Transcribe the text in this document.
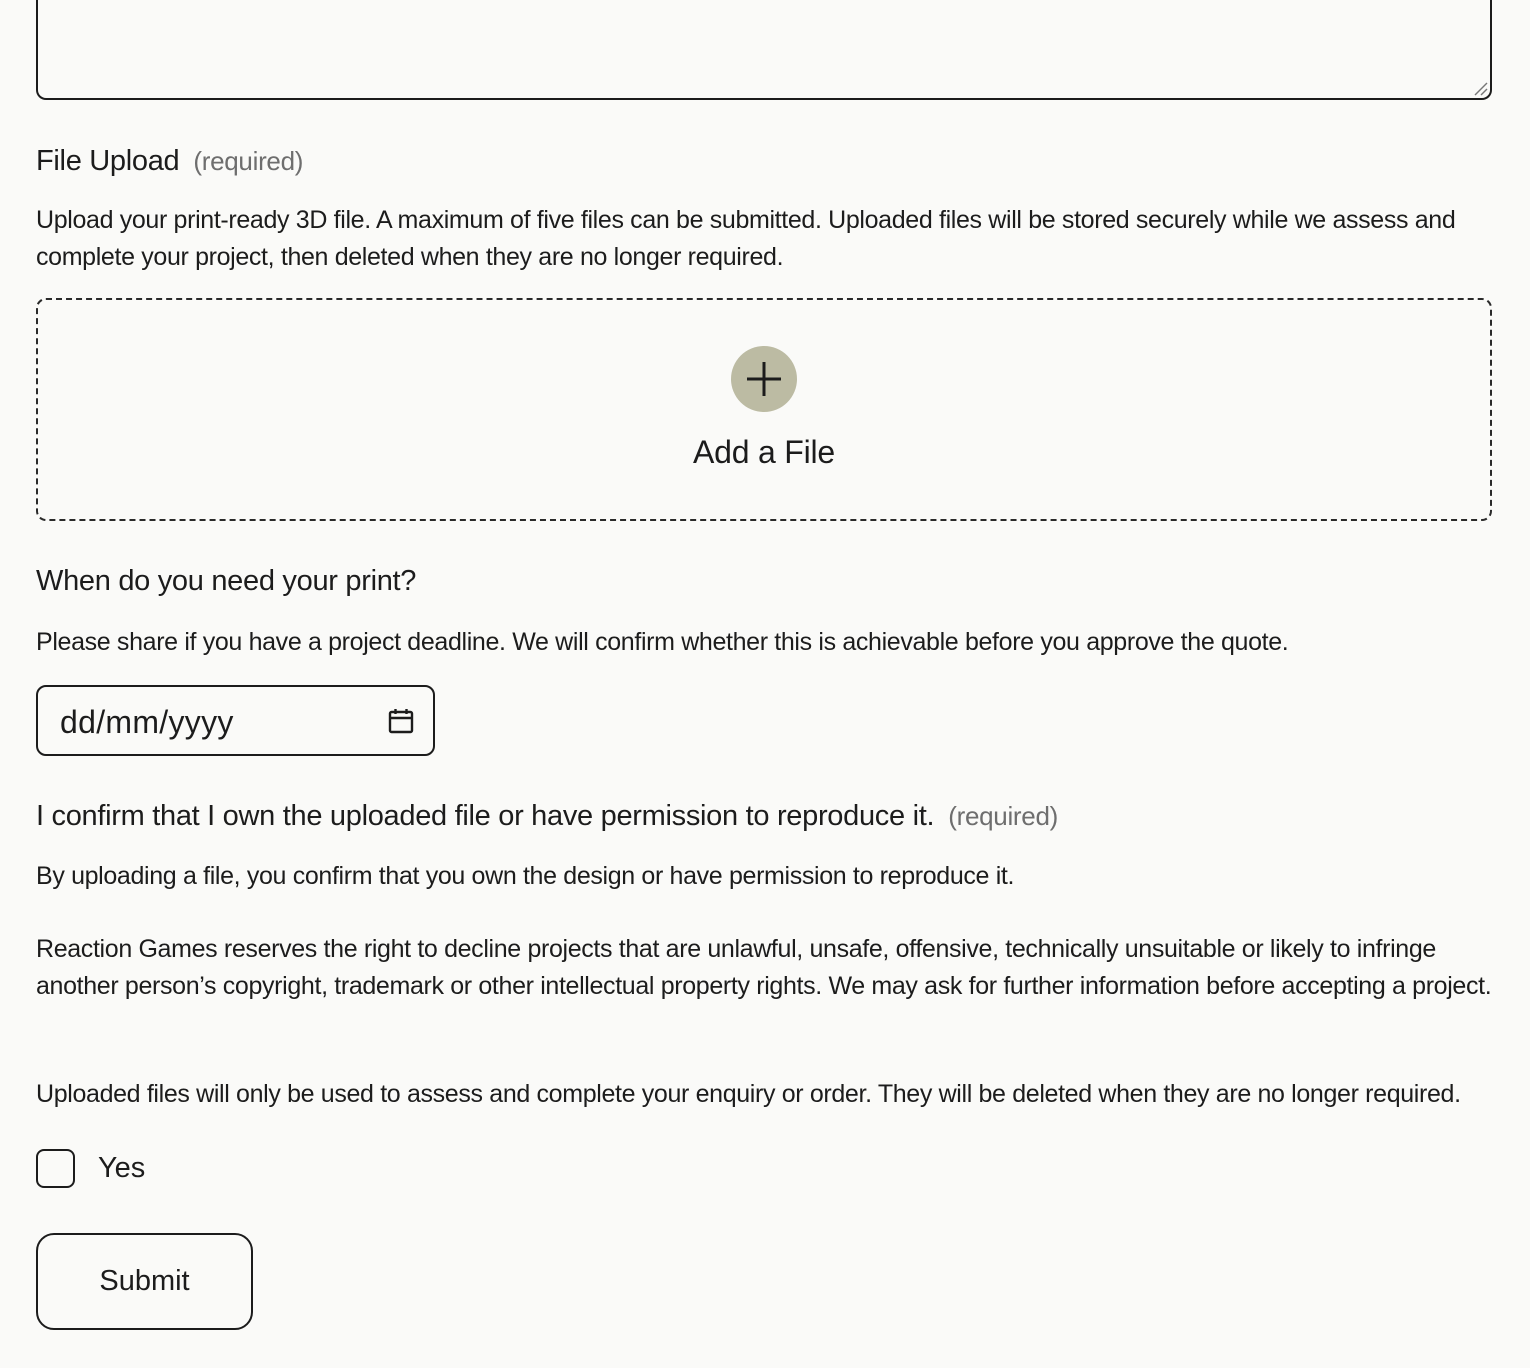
File Upload (required)

Upload your print-ready 3D file. A maximum of five files can be submitted. Uploaded files will be stored securely while we assess and complete your project, then deleted when they are no longer required.

Add a File
When do you need your print?

Please share if you have a project deadline. We will confirm whether this is achievable before you approve the quote.

dd/mm/yyyy
I confirm that I own the uploaded file or have permission to reproduce it. (required)

By uploading a file, you confirm that you own the design or have permission to reproduce it.

Reaction Games reserves the right to decline projects that are unlawful, unsafe, offensive, technically unsuitable or likely to infringe another person’s copyright, trademark or other intellectual property rights. We may ask for further information before accepting a project.

Uploaded files will only be used to assess and complete your enquiry or order. They will be deleted when they are no longer required.

Yes
Submit
